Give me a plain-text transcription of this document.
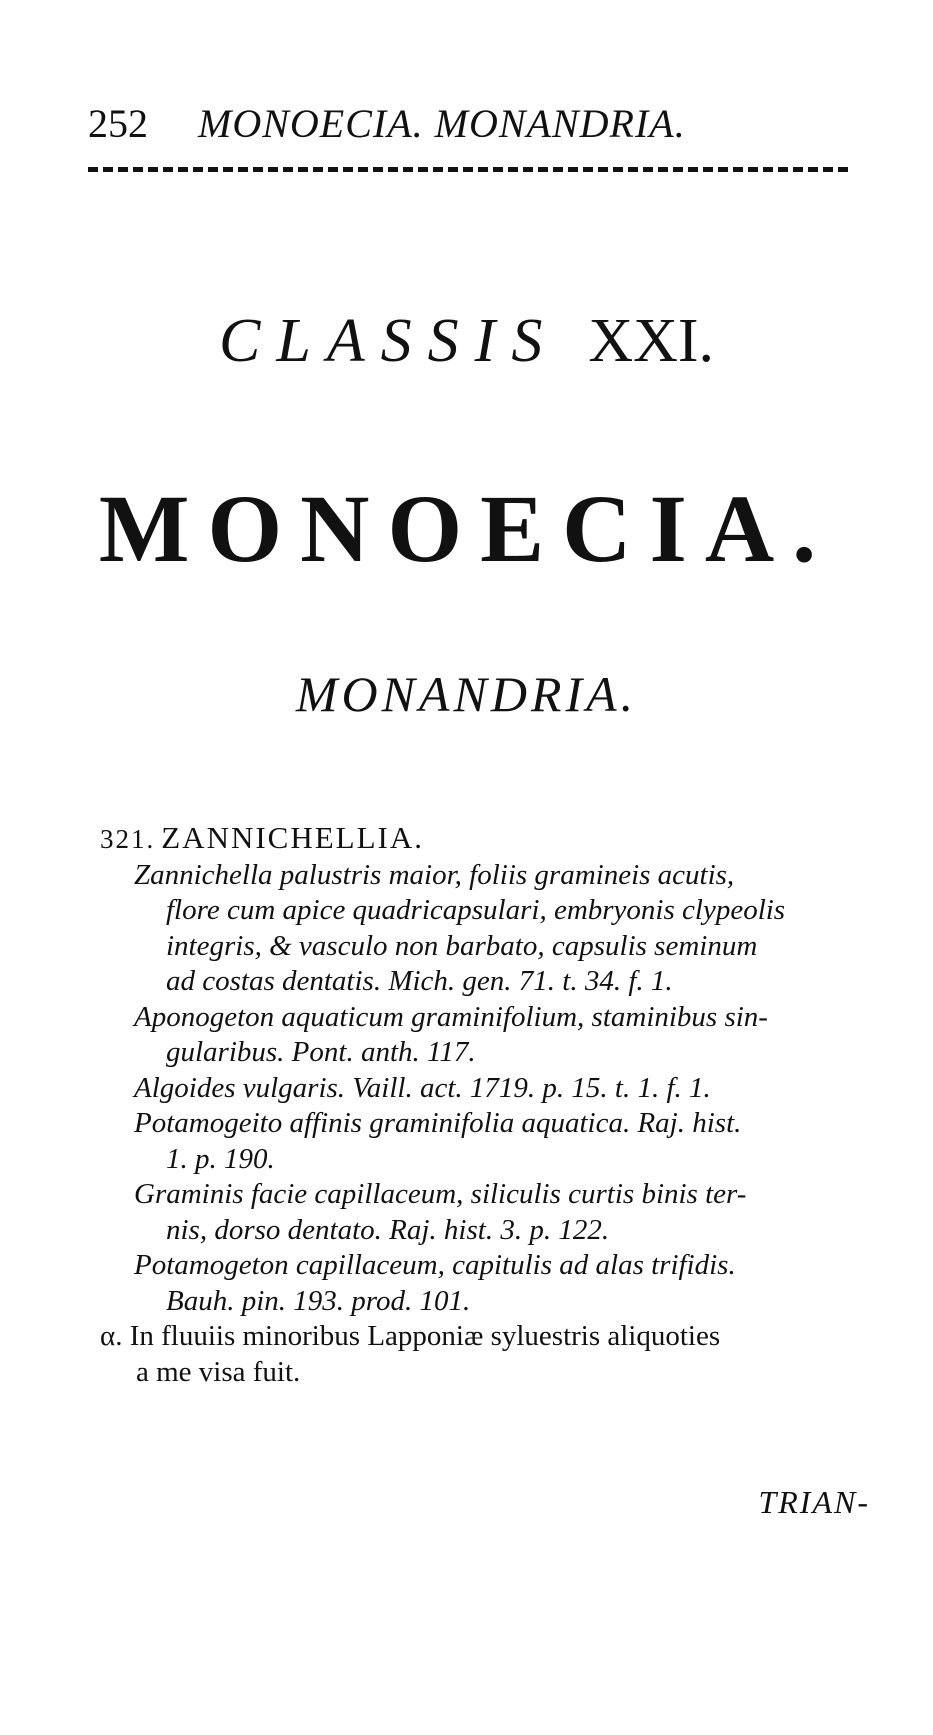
252 MONOECIA. MONANDRIA.
CLASSIS XXI.
MONOECIA.
MONANDRIA.
321. ZANNICHELLIA.
Zannichella palustris maior, foliis gramineis acutis,
flore cum apice quadricapsulari, embryonis clypeolis
integris, & vasculo non barbato, capsulis seminum
ad costas dentatis. Mich. gen. 71. t. 34. f. 1.
Aponogeton aquaticum graminifolium, staminibus sin-
gularibus. Pont. anth. 117.
Algoides vulgaris. Vaill. act. 1719. p. 15. t. 1. f. 1.
Potamogeito affinis graminifolia aquatica. Raj. hist.
1. p. 190.
Graminis facie capillaceum, siliculis curtis binis ter-
nis, dorso dentato. Raj. hist. 3. p. 122.
Potamogeton capillaceum, capitulis ad alas trifidis.
Bauh. pin. 193. prod. 101.
α. In fluuiis minoribus Lapponiæ syluestris aliquoties
a me visa fuit.
TRIAN-
